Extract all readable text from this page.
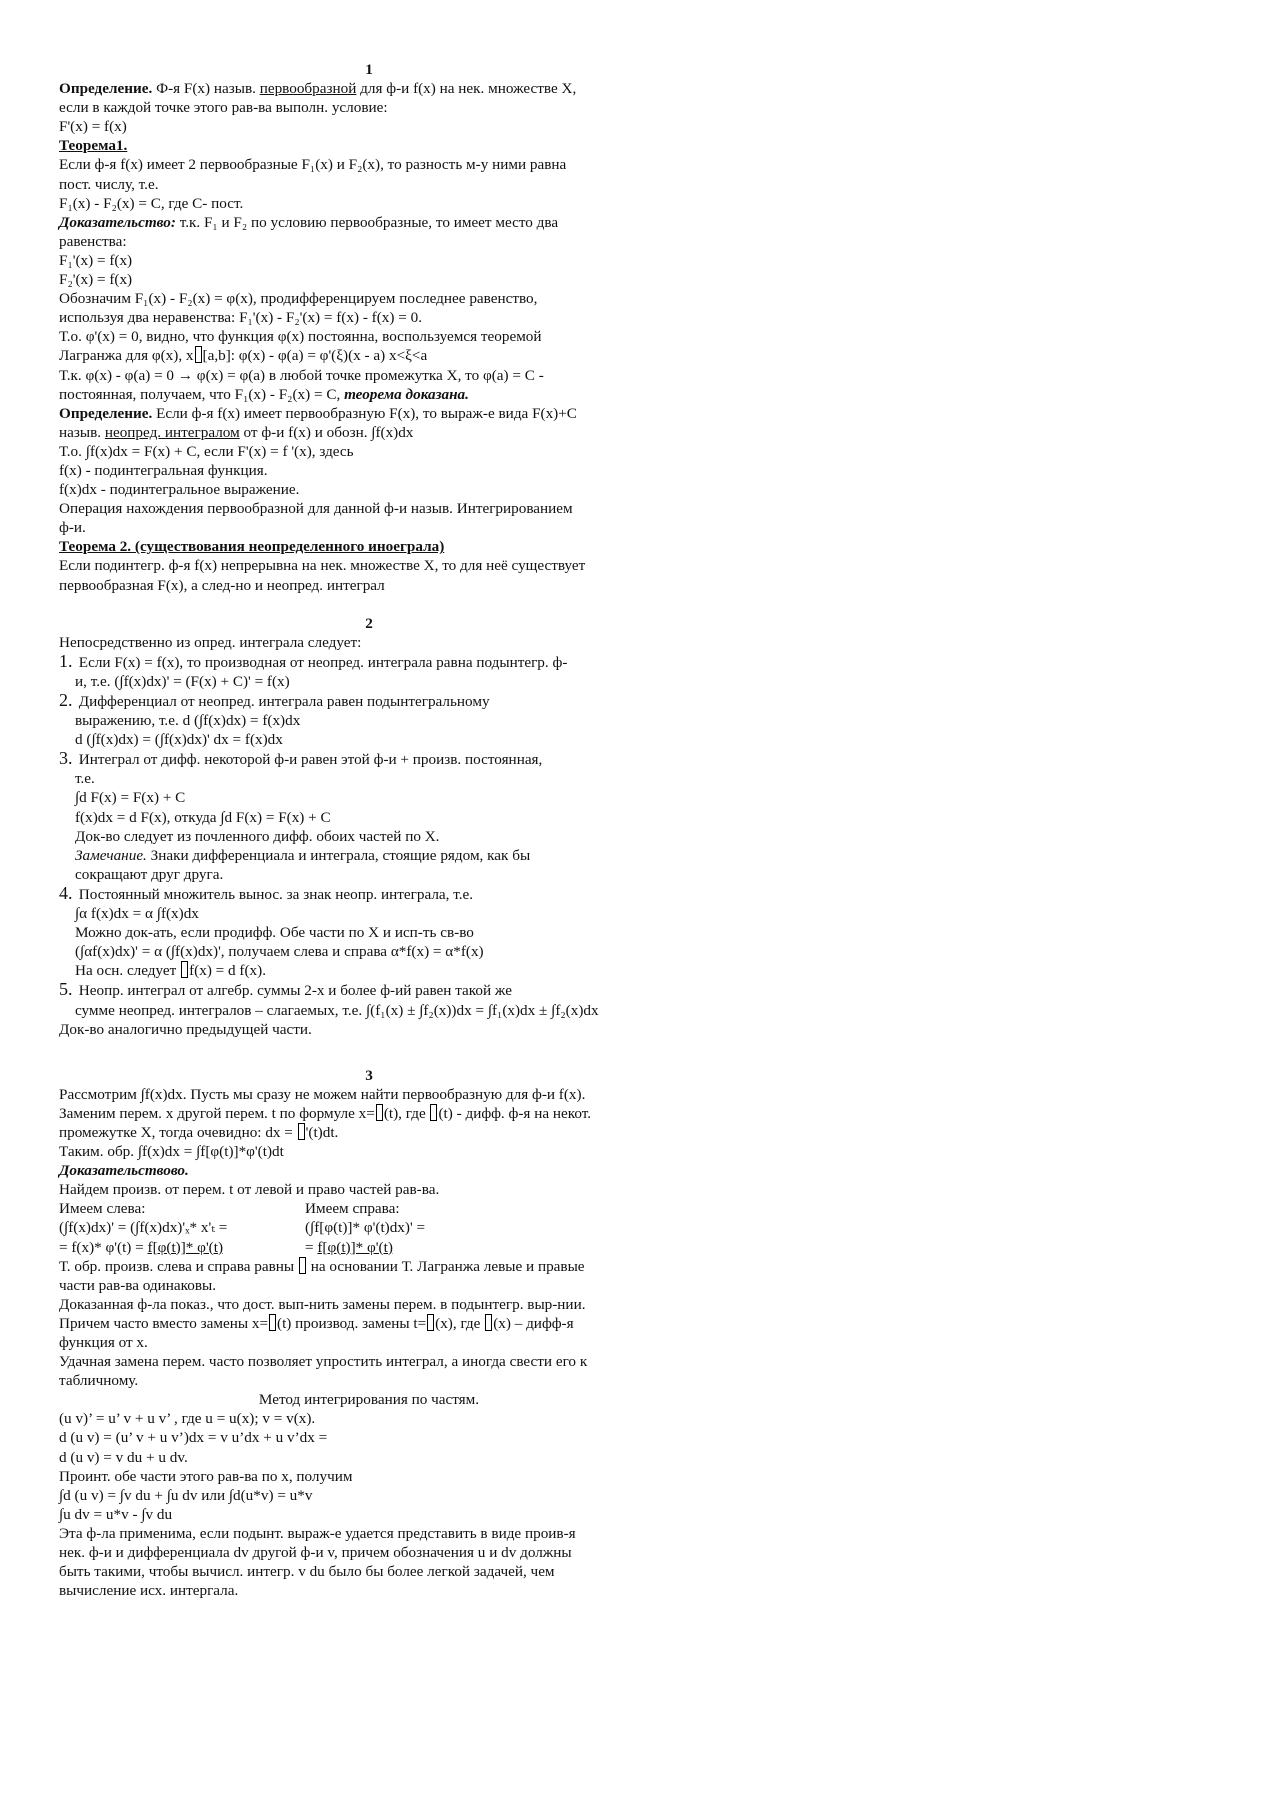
1
Определение. Ф-я F(x) назыв. первообразной для ф-и f(x) на нек. множестве X,
если в каждой точке этого рав-ва выполн. условие:
F'(x) = f(x)
Теорема1.
Если ф-я f(x) имеет 2 первообразные F₁(x) и F₂(x), то разность м-у ними равна
пост. числу, т.е.
F₁(x) - F₂(x) = C, где С- пост.
Доказательство: т.к. F₁ и F₂ по условию первообразные, то имеет место два
равенства:
F₁'(x) = f(x)
F₂'(x) = f(x)
Обозначим F₁(x) - F₂(x) = φ(x), продифференцируем последнее равенство,
используя два неравенства: F₁'(x) - F₂'(x) = f(x) - f(x) = 0.
Т.о. φ'(x) = 0, видно, что функция φ(x) постоянна, воспользуемся теоремой
Лагранжа для φ(x), x [a,b]: φ(x) - φ(a) = φ'(ξ)(x - a) x<ξ<a
Т.к. φ(x) - φ(a) = 0 → φ(x) = φ(a) в любой точке промежутка X, то φ(a) = C -
постоянная, получаем, что F₁(x) - F₂(x) = C, теорема доказана.
Определение. Если ф-я f(x) имеет первообразную F(x), то выраж-е вида F(x)+C
назыв. неопред. интегралом от ф-и f(x) и обозн. ∫f(x)dx
Т.о. ∫f(x)dx = F(x) + C, если F'(x) = f '(x), здесь
f(x) - подинтегральная функция.
f(x)dx - подинтегральное выражение.
Операция нахождения первообразной для данной ф-и назыв. Интегрированием
ф-и.
Теорема 2. (существования неопределенного иноеграла)
Если подинтегр. ф-я f(x) непрерывна на нек. множестве X, то для неё существует
первообразная F(x), а след-но и неопред. интеграл
2
Непосредственно из опред. интеграла следует:
1. Если F(x) = f(x), то производная от неопред. интеграла равна подынтегр. ф-
и, т.е. (∫f(x)dx)' = (F(x) + C)' = f(x)
2. Дифференциал от неопред. интеграла равен подынтегральному
выражению, т.е. d (∫f(x)dx) = f(x)dx
d (∫f(x)dx) = (∫f(x)dx)' dx = f(x)dx
3. Интеграл от дифф. некоторой ф-и равен этой ф-и + произв. постоянная,
т.е.
∫d F(x) = F(x) + C
f(x)dx = d F(x), откуда ∫d F(x) = F(x) + C
Док-во следует из почленного дифф. обоих частей по X.
Замечание. Знаки дифференциала и интеграла, стоящие рядом, как бы
сокращают друг друга.
4. Постоянный множитель вынос. за знак неопр. интеграла, т.е.
∫α f(x)dx = α ∫f(x)dx
Можно док-ать, если продифф. Обе части по X и исп-ть св-во
(∫αf(x)dx)' = α (∫f(x)dx)', получаем слева и справа α*f(x) = α*f(x)
На осн. следует f(x) = d f(x).
5. Неопр. интеграл от алгебр. суммы 2-х и более ф-ий равен такой же
сумме неопред. интегралов – слагаемых, т.е. ∫(f₁(x) ± ∫f₂(x))dx = ∫f₁(x)dx ± ∫f₂(x)dx
Док-во аналогично предыдущей части.
3
Рассмотрим ∫f(x)dx. Пусть мы сразу не можем найти первообразную для ф-и f(x).
Заменим перем. x другой перем. t по формуле x= (t), где (t) - дифф. ф-я на некот.
промежутке X, тогда очевидно: dx = '(t)dt.
Таким. обр. ∫f(x)dx = ∫f[φ(t)]*φ'(t)dt
Доказательствово.
Найдем произв. от перем. t от левой и право частей рав-ва.
Имеем слева:	Имеем справа:
(∫f(x)dx)' = (∫f(x)dx)'ₓ* x'ₜ =	(∫f[φ(t)]* φ'(t)dx)' =
= f(x)* φ'(t) = f[φ(t)]* φ'(t)	= f[φ(t)]* φ'(t)
Т. обр. произв. слева и справа равны  на основании Т. Лагранжа левые и правые
части рав-ва одинаковы.
Доказанная ф-ла показ., что дост. вып-нить замены перем. в подынтегр. выр-нии.
Причем часто вместо замены x= (t) производ. замены t= (x), где (x) – дифф-я
функция от x.
Удачная замена перем. часто позволяет упростить интеграл, а иногда свести его к
табличному.
Метод интегрирования по частям.
(u v)’ = u’ v + u v’ , где u = u(x); v = v(x).
d (u v) = (u’ v + u v’)dx = v u’dx + u v’dx =
d (u v) = v du + u dv.
Проинт. обе части этого рав-ва по x, получим
∫d (u v) = ∫v du + ∫u dv или ∫d(u*v) = u*v
∫u dv = u*v - ∫v du
Эта ф-ла применима, если подынт. выраж-е удается представить в виде проив-я
нек. ф-и и дифференциала dv другой ф-и v, причем обозначения u и dv должны
быть такими, чтобы вычисл. интегр. v du было бы более легкой задачей, чем
вычисление исх. интергала.
